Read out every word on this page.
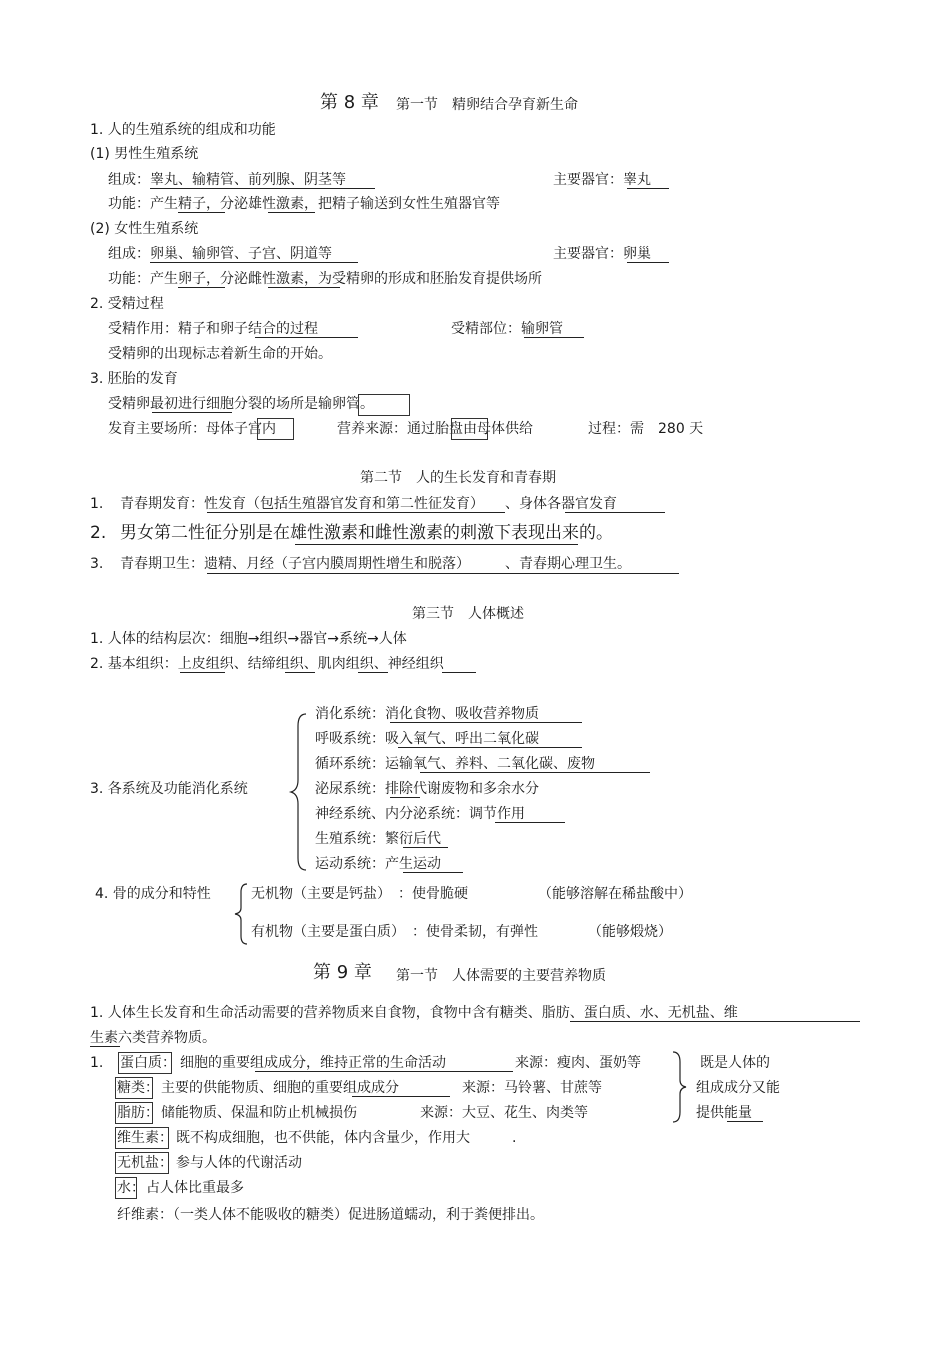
第 8 章 第一节　精卵结合孕育新生命
1. 人的生殖系统的组成和功能
(1) 男性生殖系统
组成：睾丸、输精管、前列腺、阴茎等	主要器官：睾丸
功能：产生精子，分泌雄性激素，把精子输送到女性生殖器官等
(2) 女性生殖系统
组成：卵巢、输卵管、子宫、阴道等	主要器官：卵巢
功能：产生卵子，分泌雌性激素，为受精卵的形成和胚胎发育提供场所
2. 受精过程
受精作用：精子和卵子结合的过程	受精部位：输卵管
受精卵的出现标志着新生命的开始。
3. 胚胎的发育
受精卵最初进行细胞分裂的场所是输卵管。
发育主要场所：母体子宫内	营养来源：通过胎盘由母体供给	过程：需　280 天
第二节　人的生长发育和青春期
1. 青春期发育：性发育（包括生殖器官发育和第二性征发育）　　、身体各器官发育
2. 男女第二性征分别是在雄性激素和雌性激素的刺激下表现出来的。
3. 青春期卫生：遗精、月经（子宫内膜周期性增生和脱落）　　　、青春期心理卫生。
第三节　人体概述
1. 人体的结构层次：细胞→组织→器官→系统→人体
2. 基本组织：上皮组织、结缔组织、肌肉组织、神经组织
3. 各系统及功能消化系统
消化系统：消化食物、吸收营养物质
呼吸系统：吸入氧气、呼出二氧化碳
循环系统：运输氧气、养料、二氧化碳、废物
泌尿系统：排除代谢废物和多余水分
神经系统、内分泌系统：调节作用
生殖系统：繁衍后代
运动系统：产生运动
4. 骨的成分和特性	无机物（主要是钙盐）　：使骨脆硬	（能够溶解在稀盐酸中）
有机物（主要是蛋白质）　：使骨柔韧，有弹性	（能够煅烧）
第 9 章 第一节　人体需要的主要营养物质
1. 人体生长发育和生命活动需要的营养物质来自食物，食物中含有糖类、脂肪、蛋白质、水、无机盐、维
生素六类营养物质。
1. 蛋白质： 细胞的重要组成成分，维持正常的生命活动	来源：瘦肉、蛋奶等
糖类： 主要的供能物质、细胞的重要组成成分	来源：马铃薯、甘蔗等
脂肪： 储能物质、保温和防止机械损伤	来源：大豆、花生、肉类等
既是人体的
组成成分又能
提供能量
维生素： 既不构成细胞，也不供能，体内含量少，作用大　　　.
无机盐： 参与人体的代谢活动
水： 占人体比重最多
纤维素：（一类人体不能吸收的糖类）促进肠道蠕动，利于粪便排出。
